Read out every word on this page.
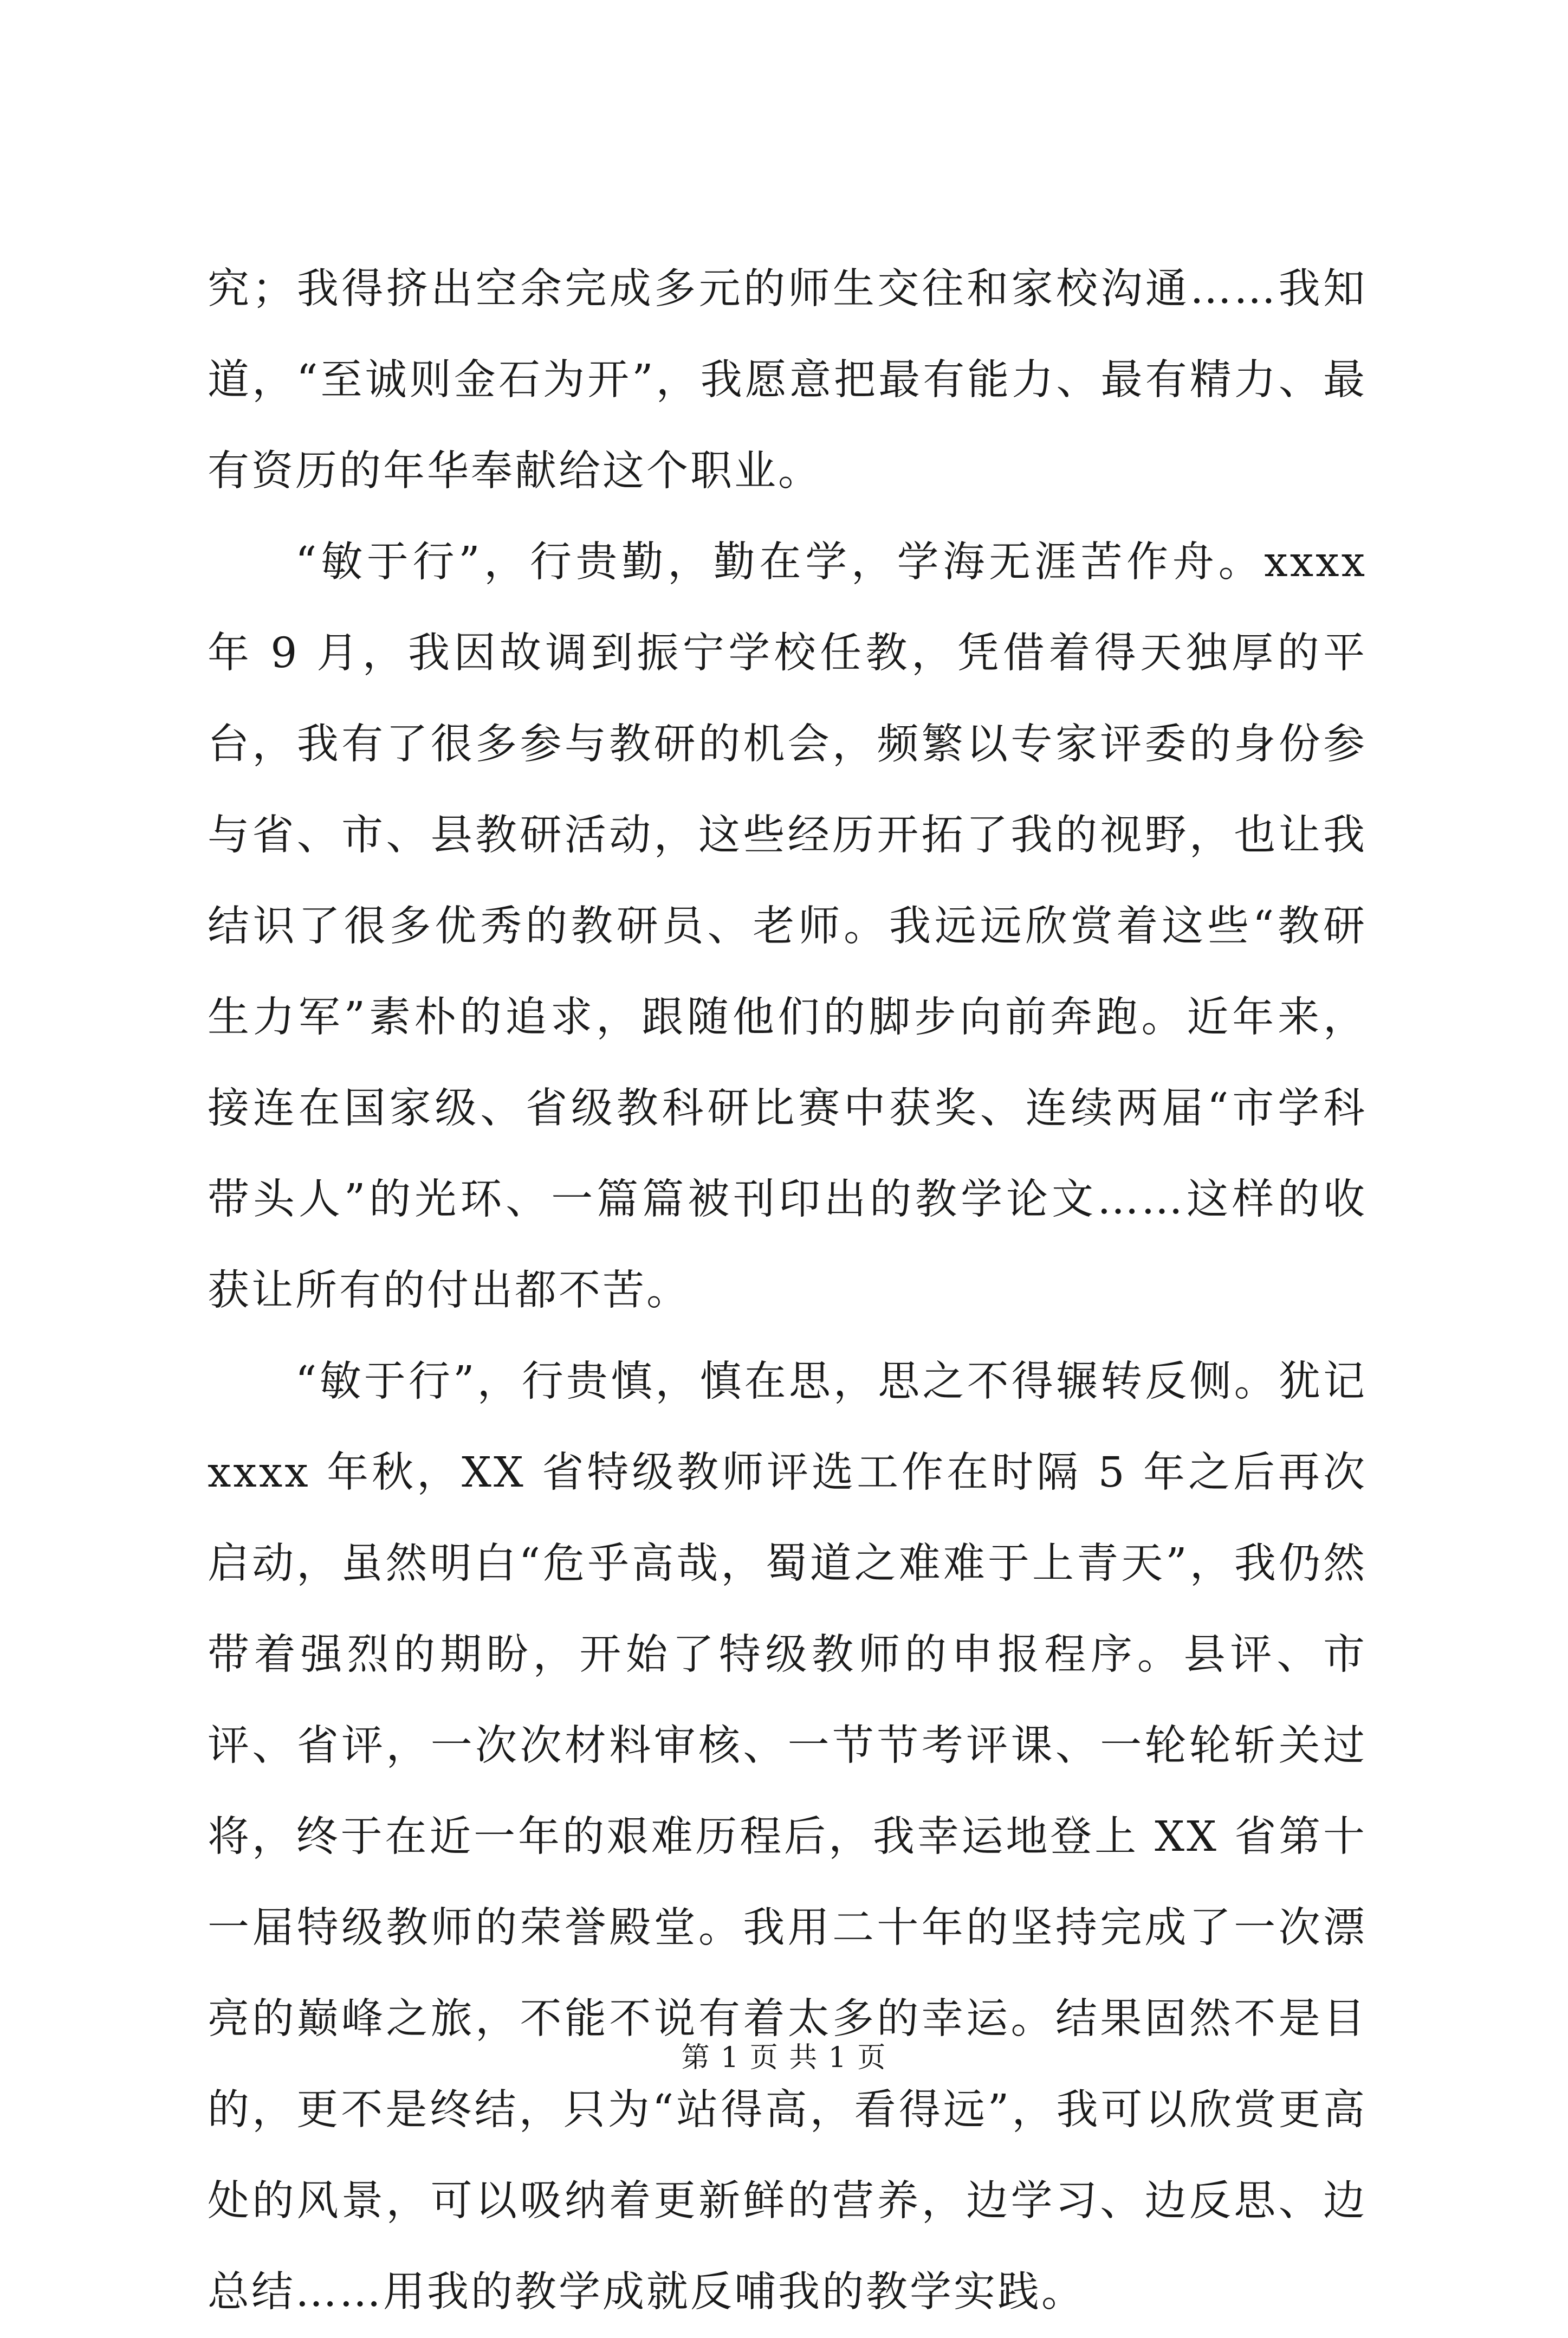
究；我得挤出空余完成多元的师生交往和家校沟通……我知道，“至诚则金石为开”，我愿意把最有能力、最有精力、最有资历的年华奉献给这个职业。

“敏于行”，行贵勤，勤在学，学海无涯苦作舟。xxxx 年 9 月，我因故调到振宁学校任教，凭借着得天独厚的平台，我有了很多参与教研的机会，频繁以专家评委的身份参与省、市、县教研活动，这些经历开拓了我的视野，也让我结识了很多优秀的教研员、老师。我远远欣赏着这些“教研生力军”素朴的追求，跟随他们的脚步向前奔跑。近年来，接连在国家级、省级教科研比赛中获奖、连续两届“市学科带头人”的光环、一篇篇被刊印出的教学论文……这样的收获让所有的付出都不苦。

“敏于行”，行贵慎，慎在思，思之不得辗转反侧。犹记 xxxx 年秋，XX 省特级教师评选工作在时隔 5 年之后再次启动，虽然明白“危乎高哉，蜀道之难难于上青天”，我仍然带着强烈的期盼，开始了特级教师的申报程序。县评、市评、省评，一次次材料审核、一节节考评课、一轮轮斩关过将，终于在近一年的艰难历程后，我幸运地登上 XX 省第十一届特级教师的荣誉殿堂。我用二十年的坚持完成了一次漂亮的巅峰之旅，不能不说有着太多的幸运。结果固然不是目的，更不是终结，只为“站得高，看得远”，我可以欣赏更高处的风景，可以吸纳着更新鲜的营养，边学习、边反思、边总结……用我的教学成就反哺我的教学实践。

第 1 页 共 1 页
